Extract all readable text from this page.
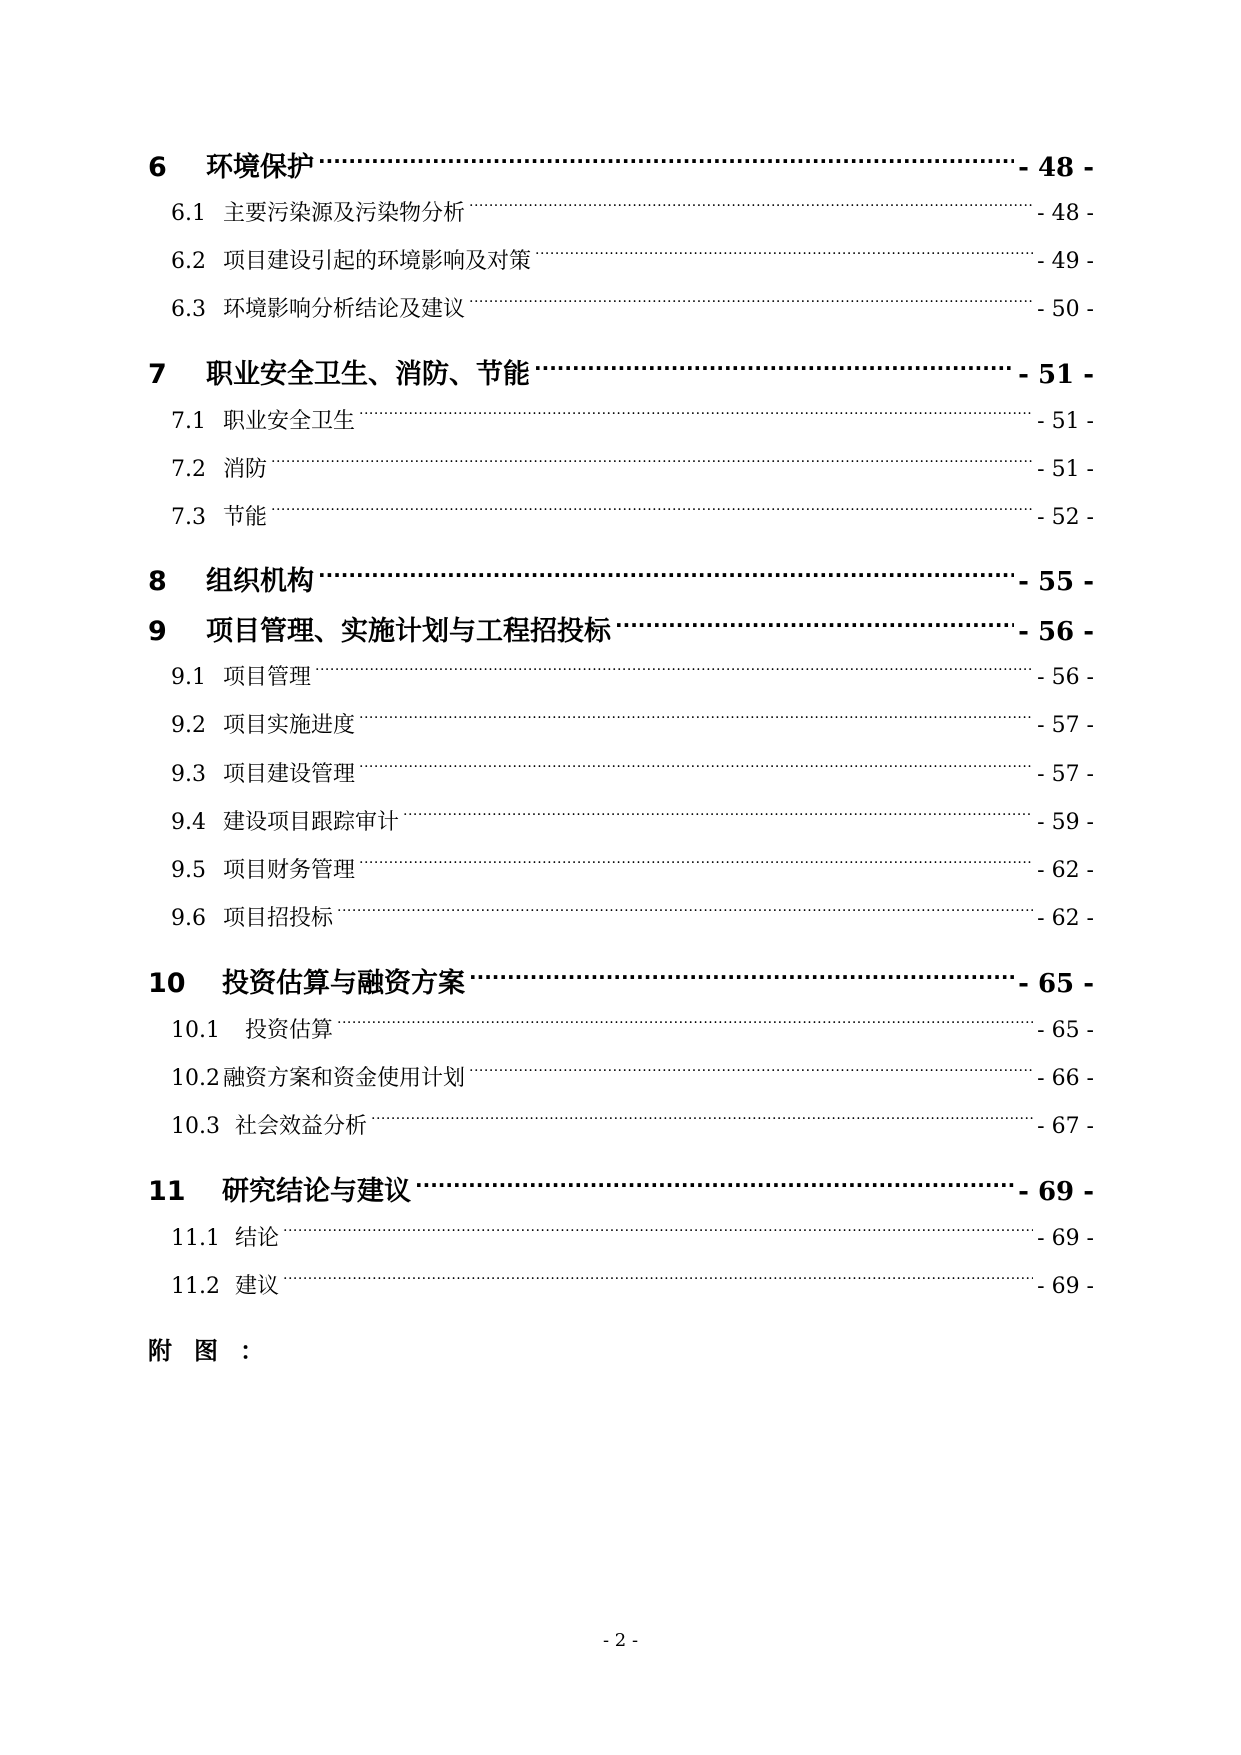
6	环境保护 .....	- 48 -
6.1 主要污染源及污染物分析 .....	- 48 -
6.2 项目建设引起的环境影响及对策 .....	- 49 -
6.3 环境影响分析结论及建议 .....	- 50 -
7	职业安全卫生、消防、节能 .....	- 51 -
7.1 职业安全卫生 .....	- 51 -
7.2 消防 .....	- 51 -
7.3 节能 .....	- 52 -
8	组织机构 .....	- 55 -
9	项目管理、实施计划与工程招投标 .....	- 56 -
9.1 项目管理 .....	- 56 -
9.2 项目实施进度 .....	- 57 -
9.3 项目建设管理 .....	- 57 -
9.4 建设项目跟踪审计 .....	- 59 -
9.5 项目财务管理 .....	- 62 -
9.6 项目招投标 .....	- 62 -
10	投资估算与融资方案 .....	- 65 -
10.1	投资估算 .....	- 65 -
10.2 融资方案和资金使用计划 .....	- 66 -
10.3 社会效益分析 .....	- 67 -
11	研究结论与建议 .....	- 69 -
11.1 结论 .....	- 69 -
11.2 建议 .....	- 69 -
附图：
- 2 -
